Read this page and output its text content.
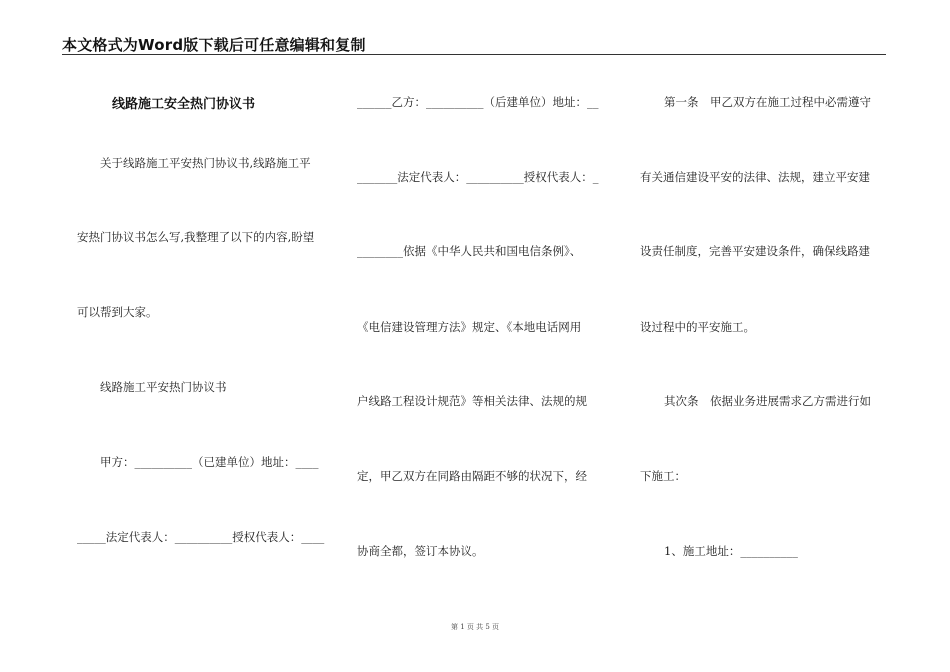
本文格式为Word版下载后可任意编辑和复制
线路施工安全热门协议书
关于线路施工平安热门协议书,线路施工平
安热门协议书怎么写,我整理了以下的内容,盼望
可以帮到大家。
线路施工平安热门协议书
甲方：__________（已建单位）地址：____
_____法定代表人：__________授权代表人：____
______乙方：__________（后建单位）地址：__
_______法定代表人：__________授权代表人：_
________依据《中华人民共和国电信条例》、
《电信建设管理方法》规定、《本地电话网用
户线路工程设计规范》等相关法律、法规的规
定，甲乙双方在同路由隔距不够的状况下，经
协商全都，签订本协议。
第一条　甲乙双方在施工过程中必需遵守
有关通信建设平安的法律、法规，建立平安建
设责任制度，完善平安建设条件，确保线路建
设过程中的平安施工。
其次条　依据业务进展需求乙方需进行如
下施工：
1、施工地址：__________
第 1 页 共 5 页
